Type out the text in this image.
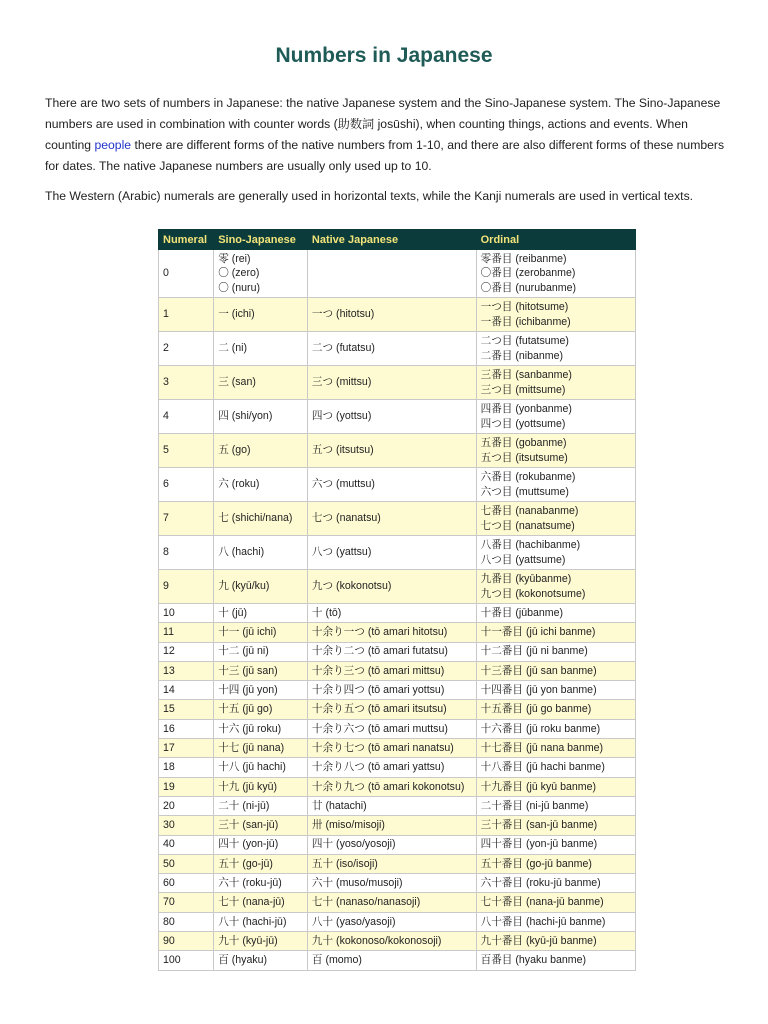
Numbers in Japanese

There are two sets of numbers in Japanese: the native Japanese system and the Sino-Japanese system. The Sino-Japanese numbers are used in combination with counter words (助数詞 josūshi), when counting things, actions and events. When counting people there are different forms of the native numbers from 1-10, and there are also different forms of these numbers for dates. The native Japanese numbers are usually only used up to 10.

The Western (Arabic) numerals are generally used in horizontal texts, while the Kanji numerals are used in vertical texts.

Numeral	Sino-Japanese	Native Japanese	Ordinal
0	零 (rei)
〇 (zero)
〇 (nuru)		零番目 (reibanme)
〇番目 (zerobanme)
〇番目 (nurubanme)

1	一 (ichi)	一つ (hitotsu)	一つ目 (hitotsume)
一番目 (ichibanme)

2	二 (ni)	二つ (futatsu)	二つ目 (futatsume)
二番目 (nibanme)

3	三 (san)	三つ (mittsu)	三番目 (sanbanme)
三つ目 (mittsume)

4	四 (shi/yon)	四つ (yottsu)	四番目 (yonbanme)
四つ目 (yottsume)

5	五 (go)	五つ (itsutsu)	五番目 (gobanme)
五つ目 (itsutsume)

6	六 (roku)	六つ (muttsu)	六番目 (rokubanme)
六つ目 (muttsume)

7	七 (shichi/nana)	七つ (nanatsu)	七番目 (nanabanme)
七つ目 (nanatsume)

8	八 (hachi)	八つ (yattsu)	八番目 (hachibanme)
八つ目 (yattsume)

9	九 (kyū/ku)	九つ (kokonotsu)	九番目 (kyūbanme)
九つ目 (kokonotsume)

10	十 (jū)	十 (tō)	十番目 (jūbanme)

11	十一 (jū ichi)	十余り一つ (tō amari hitotsu)	十一番目 (jū ichi banme)

12	十二 (jū ni)	十余り二つ (tō amari futatsu)	十二番目 (jū ni banme)

13	十三 (jū san)	十余り三つ (tō amari mittsu)	十三番目 (jū san banme)

14	十四 (jū yon)	十余り四つ (tō amari yottsu)	十四番目 (jū yon banme)

15	十五 (jū go)	十余り五つ (tō amari itsutsu)	十五番目 (jū go banme)

16	十六 (jū roku)	十余り六つ (tō amari muttsu)	十六番目 (jū roku banme)

17	十七 (jū nana)	十余り七つ (tō amari nanatsu)	十七番目 (jū nana banme)

18	十八 (jū hachi)	十余り八つ (tō amari yattsu)	十八番目 (jū hachi banme)

19	十九 (jū kyū)	十余り九つ (tō amari kokonotsu)	十九番目 (jū kyū banme)

20	二十 (ni-jū)	廿 (hatachi)	二十番目 (ni-jū banme)

30	三十 (san-jū)	卅 (miso/misoji)	三十番目 (san-jū banme)

40	四十 (yon-jū)	四十 (yoso/yosoji)	四十番目 (yon-jū banme)

50	五十 (go-jū)	五十 (iso/isoji)	五十番目 (go-jū banme)

60	六十 (roku-jū)	六十 (muso/musoji)	六十番目 (roku-jū banme)

70	七十 (nana-jū)	七十 (nanaso/nanasoji)	七十番目 (nana-jū banme)

80	八十 (hachi-jū)	八十 (yaso/yasoji)	八十番目 (hachi-jū banme)

90	九十 (kyū-jū)	九十 (kokonoso/kokonosoji)	九十番目 (kyū-jū banme)

100	百 (hyaku)	百 (momo)	百番目 (hyaku banme)
